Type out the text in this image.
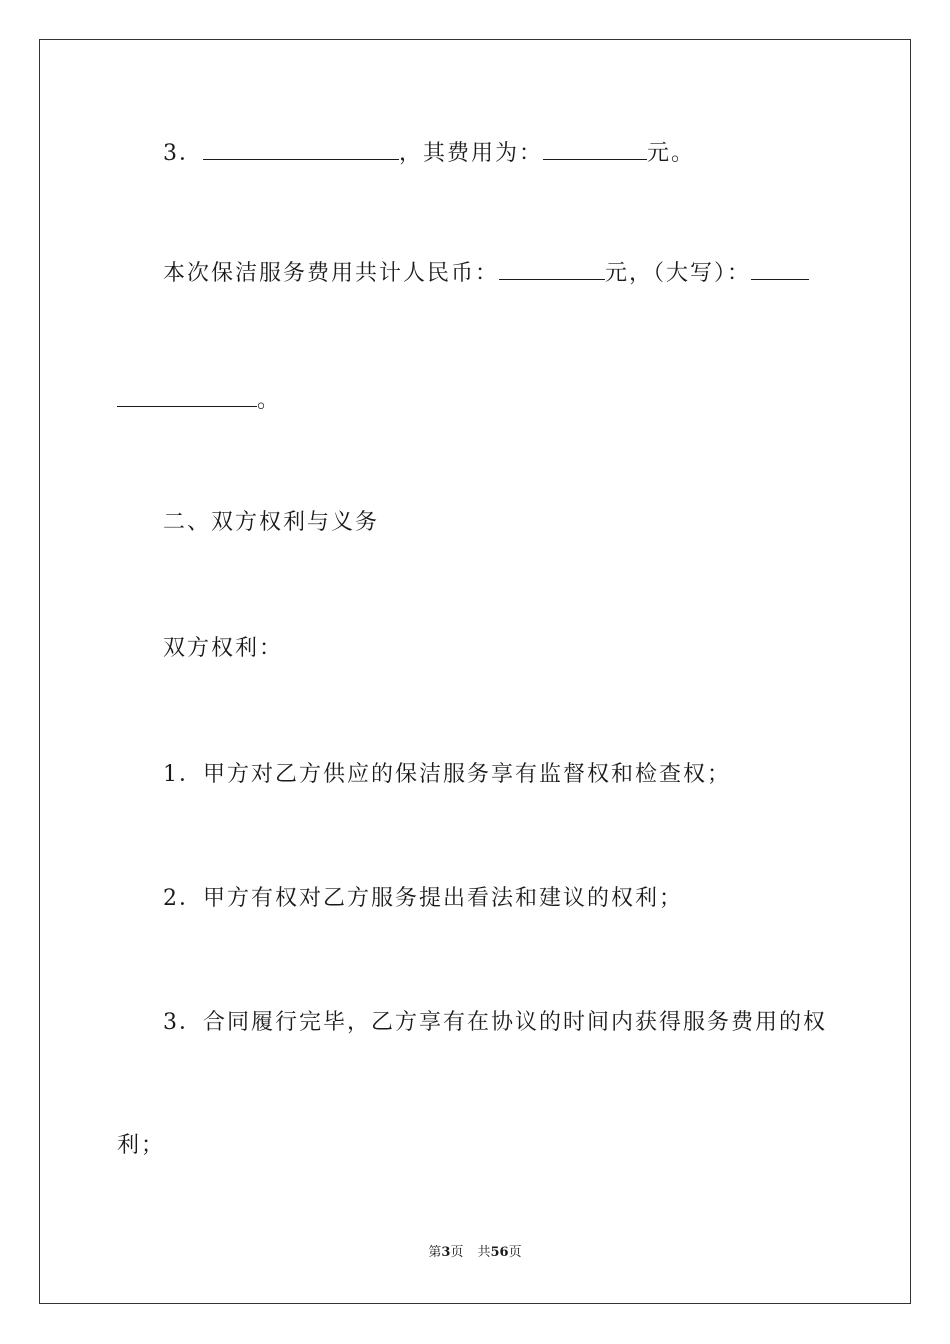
3．	，其费用为：	元。
本次保洁服务费用共计人民币：	元，（大写）：
。
二、双方权利与义务
双方权利：
1．甲方对乙方供应的保洁服务享有监督权和检查权；
2．甲方有权对乙方服务提出看法和建议的权利；
3．合同履行完毕，乙方享有在协议的时间内获得服务费用的权
利；
第3页 共56页
